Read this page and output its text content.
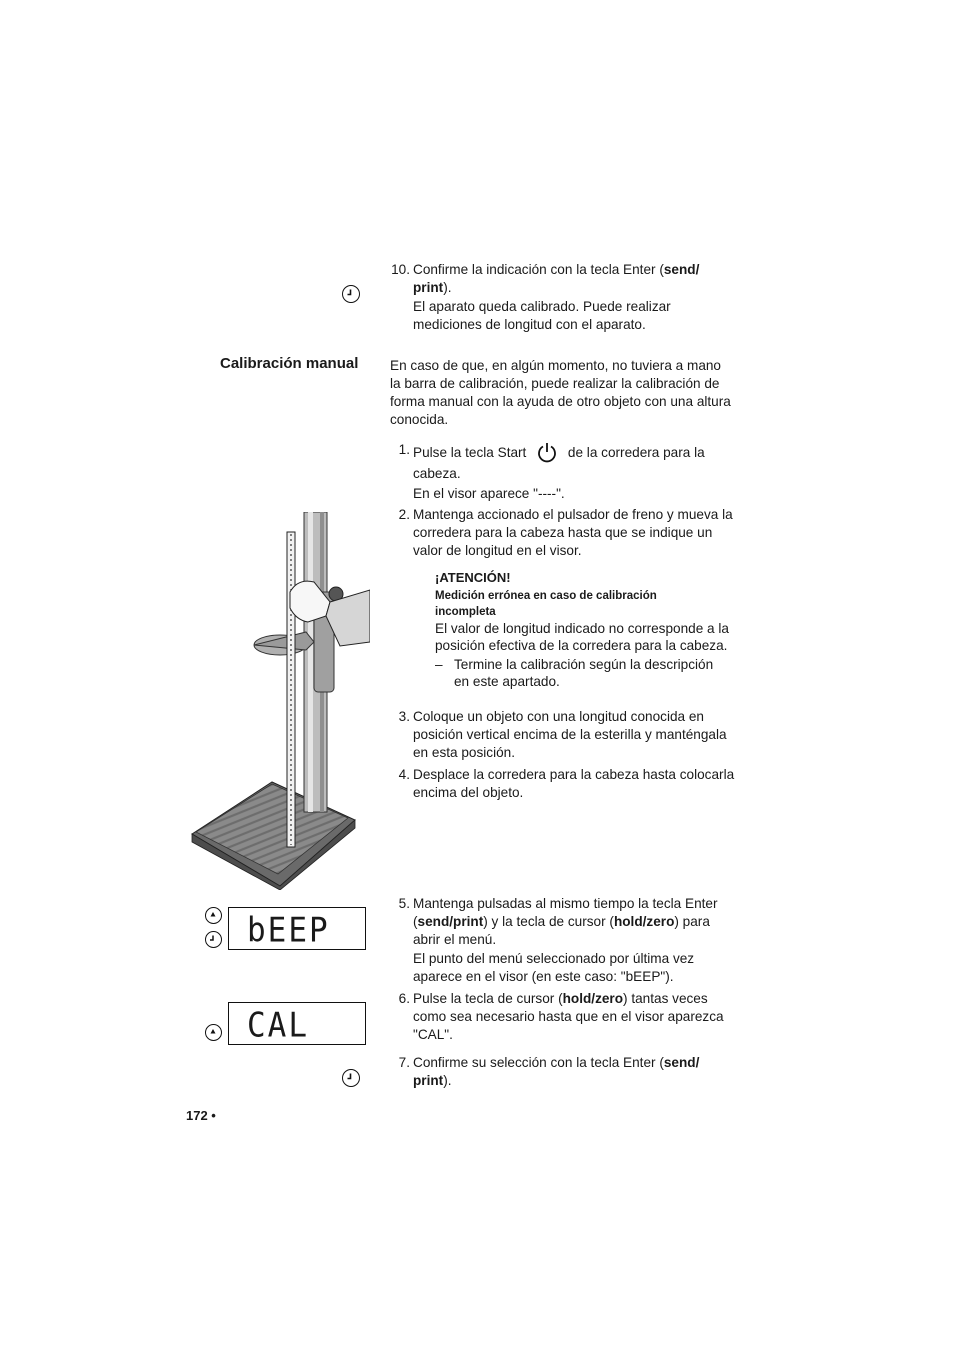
10. Confirme la indicación con la tecla Enter (send/
print).

El aparato queda calibrado. Puede realizar mediciones de longitud con el aparato.

Calibración manual En caso de que, en algún momento, no tuviera a mano la barra de calibración, puede realizar la calibración de forma manual con la ayuda de otro objeto con una altura conocida.
1. Pulse la tecla Start	de la corredera para la

cabeza.

En el visor aparece "----".

2. Mantenga accionado el pulsador de freno y mueva la corredera para la cabeza hasta que se indique un valor de longitud en el visor.

¡ATENCIÓN!
Medición errónea en caso de calibración incompleta
El valor de longitud indicado no corresponde a la posición efectiva de la corredera para la cabeza.
– Termine la calibración según la descripción en este apartado.
3. Coloque un objeto con una longitud conocida en posición vertical encima de la esterilla y manténgala en esta posición.

4. Desplace la corredera para la cabeza hasta colocarla encima del objeto.

5. Mantenga pulsadas al mismo tiempo la tecla Enter (send/print) y la tecla de cursor (hold/zero) para abrir el menú.

El punto del menú seleccionado por última vez aparece en el visor (en este caso: "bEEP").

bEEP
6. Pulse la tecla de cursor (hold/zero) tantas veces como sea necesario hasta que en el visor aparezca "CAL".

CAL
7. Confirme su selección con la tecla Enter (send/
print).

172 •
